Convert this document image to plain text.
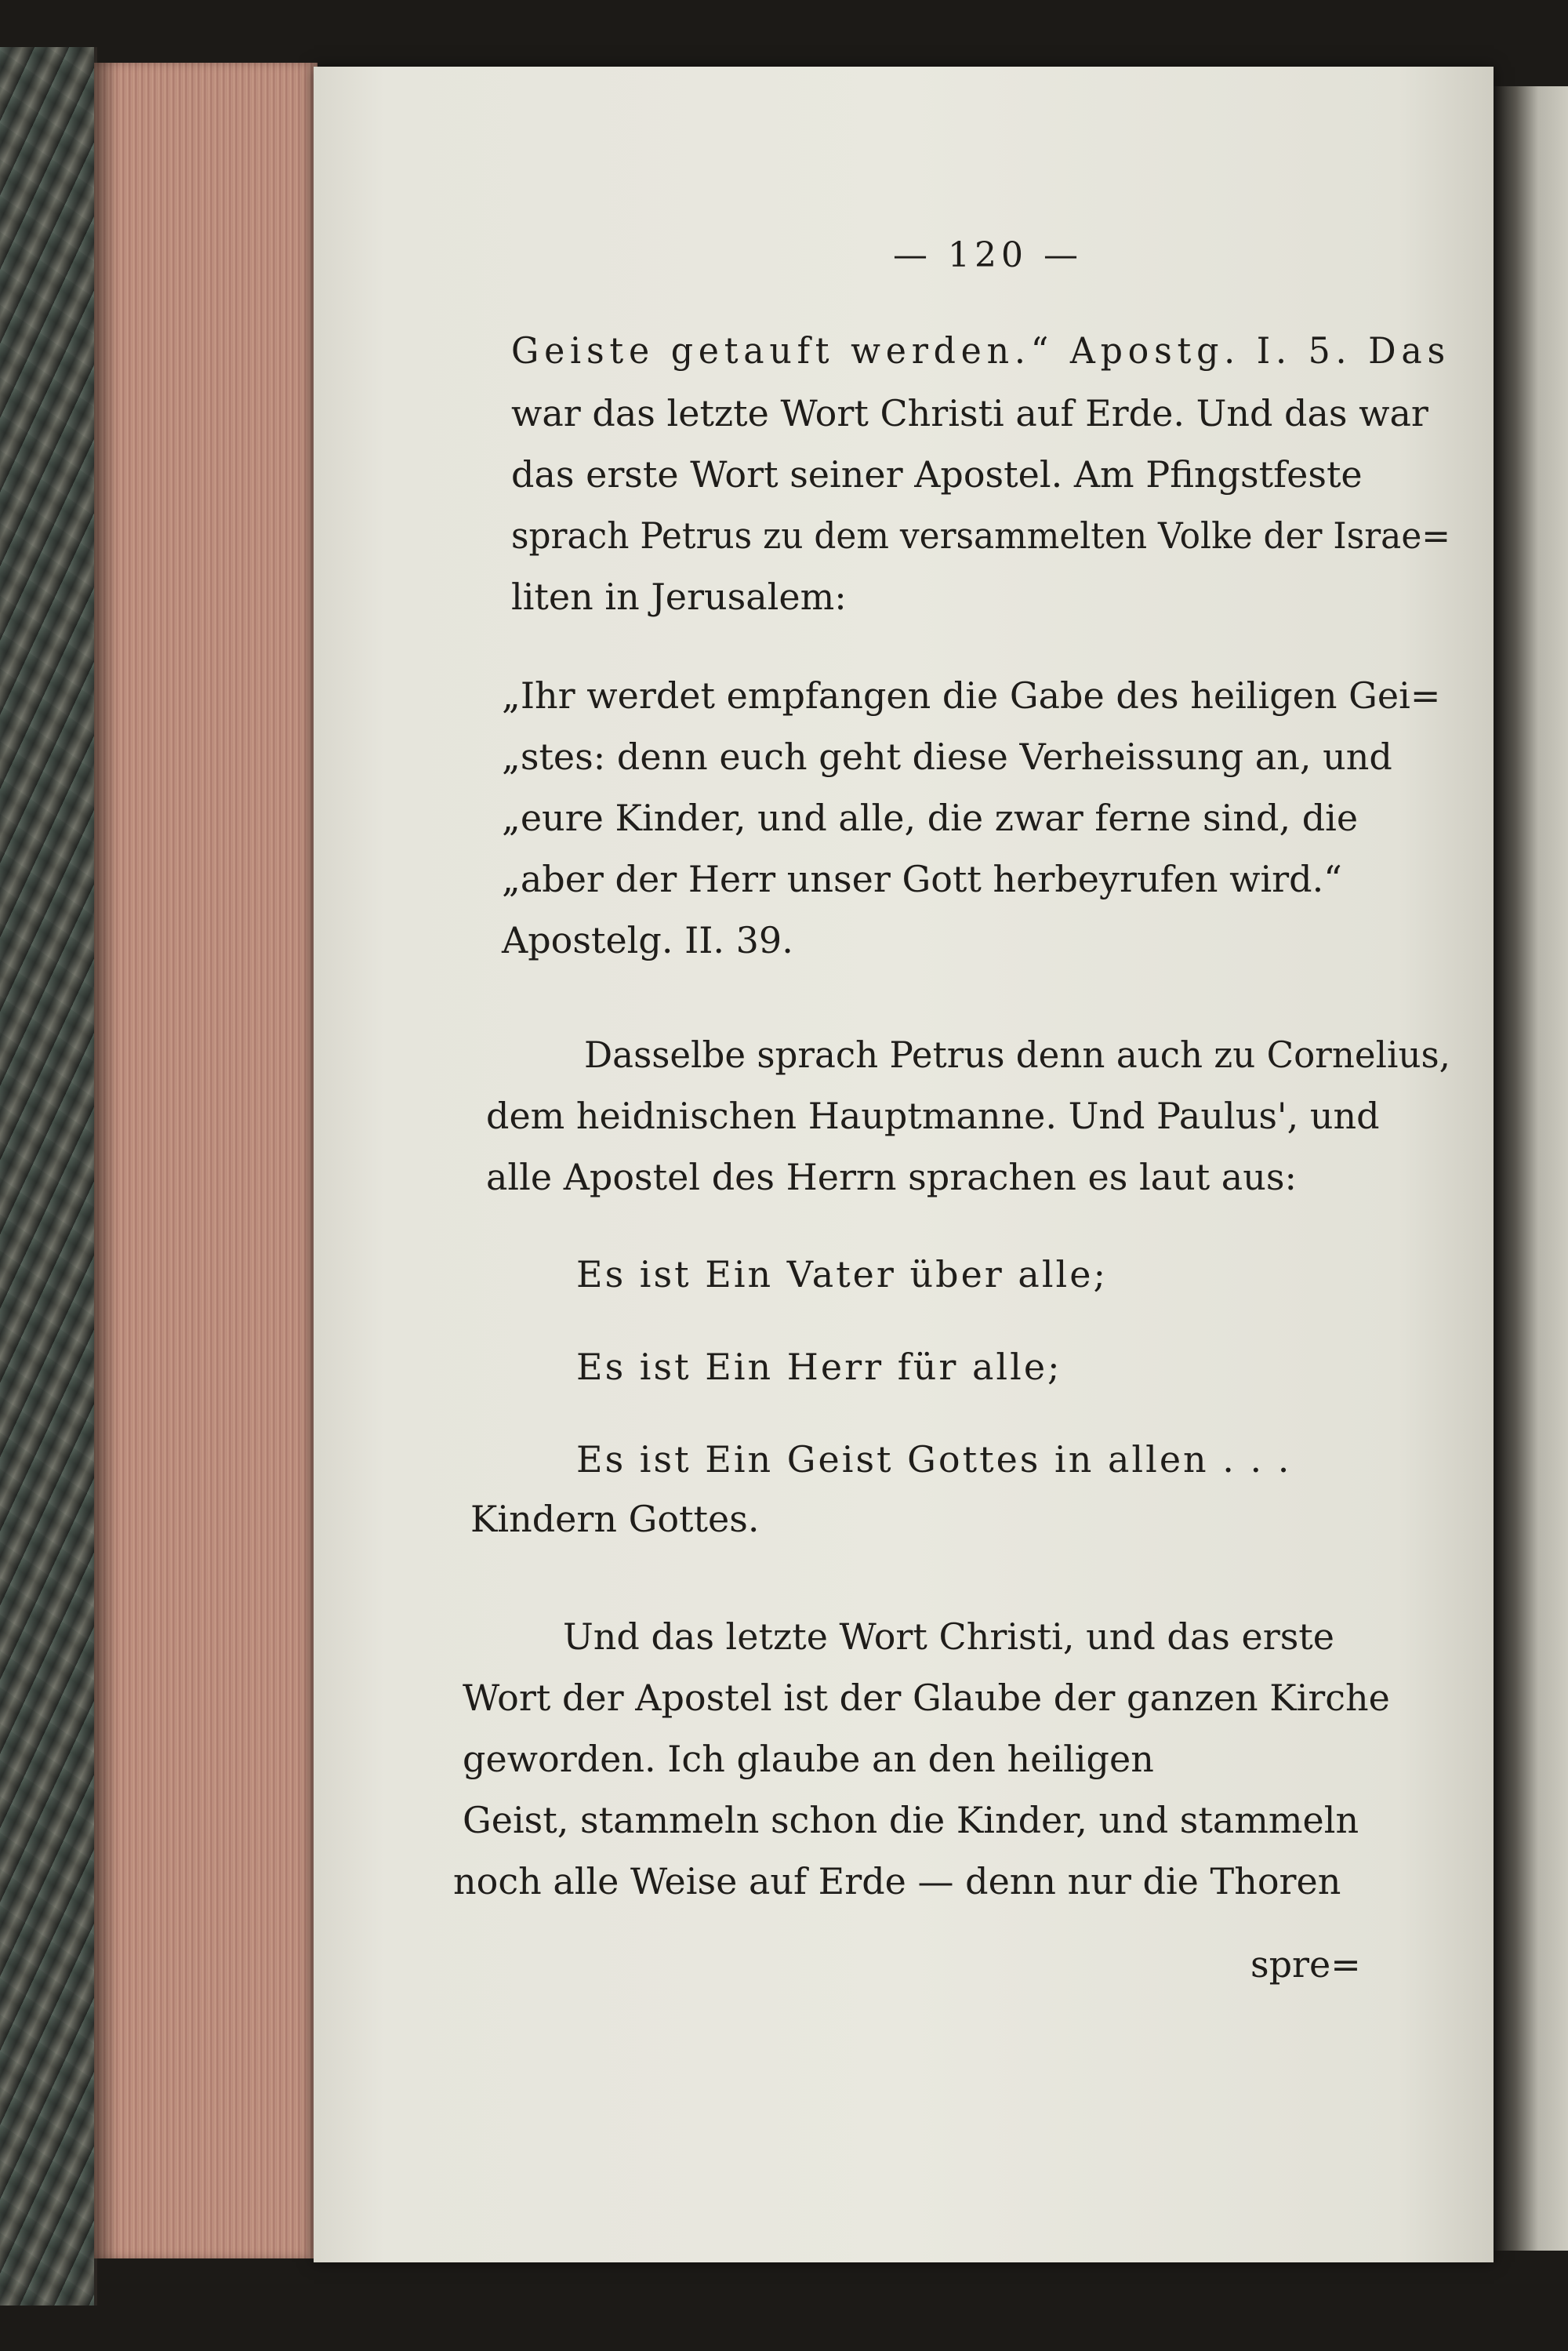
— 120 —
Geiste getauft werden.“ Apostg. I. 5. Das
war das letzte Wort Christi auf Erde. Und das war
das erste Wort seiner Apostel. Am Pfingstfeste
sprach Petrus zu dem versammelten Volke der Israe=
liten in Jerusalem:
„Ihr werdet empfangen die Gabe des heiligen Gei=
„stes: denn euch geht diese Verheissung an, und
„eure Kinder, und alle, die zwar ferne sind, die
„aber der Herr unser Gott herbeyrufen wird.“
Apostelg. II. 39.
Dasselbe sprach Petrus denn auch zu Cornelius,
dem heidnischen Hauptmanne. Und Paulus', und
alle Apostel des Herrn sprachen es laut aus:
Es ist Ein Vater über alle;
Es ist Ein Herr für alle;
Es ist Ein Geist Gottes in allen . . .
Kindern Gottes.
Und das letzte Wort Christi, und das erste
Wort der Apostel ist der Glaube der ganzen Kirche
geworden. Ich glaube an den heiligen
Geist, stammeln schon die Kinder, und stammeln
noch alle Weise auf Erde — denn nur die Thoren
spre=
